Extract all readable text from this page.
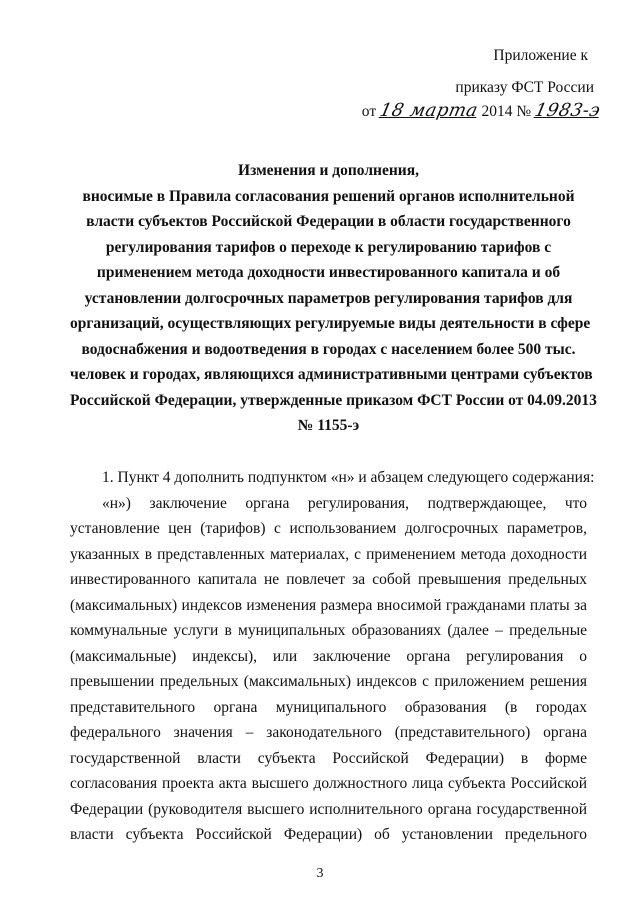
Приложение к
приказу ФСТ России
от 18 марта 2014 № 1983-э
Изменения и дополнения,
вносимые в Правила согласования решений органов исполнительной
власти субъектов Российской Федерации в области государственного
регулирования тарифов о переходе к регулированию тарифов с
применением метода доходности инвестированного капитала и об
установлении долгосрочных параметров регулирования тарифов для
организаций, осуществляющих регулируемые виды деятельности в сфере
водоснабжения и водоотведения в городах с населением более 500 тыс.
человек и городах, являющихся административными центрами субъектов
Российской Федерации, утвержденные приказом ФСТ России от 04.09.2013
№ 1155-э
1. Пункт 4 дополнить подпунктом «н» и абзацем следующего содержания:
«н») заключение органа регулирования, подтверждающее, что
установление цен (тарифов) с использованием долгосрочных параметров,
указанных в представленных материалах, с применением метода доходности
инвестированного капитала не повлечет за собой превышения предельных
(максимальных) индексов изменения размера вносимой гражданами платы за
коммунальные услуги в муниципальных образованиях (далее – предельные
(максимальные) индексы), или заключение органа регулирования о
превышении предельных (максимальных) индексов с приложением решения
представительного органа муниципального образования (в городах
федерального значения – законодательного (представительного) органа
государственной власти субъекта Российской Федерации) в форме
согласования проекта акта высшего должностного лица субъекта Российской
Федерации (руководителя высшего исполнительного органа государственной
власти субъекта Российской Федерации) об установлении предельного
3
